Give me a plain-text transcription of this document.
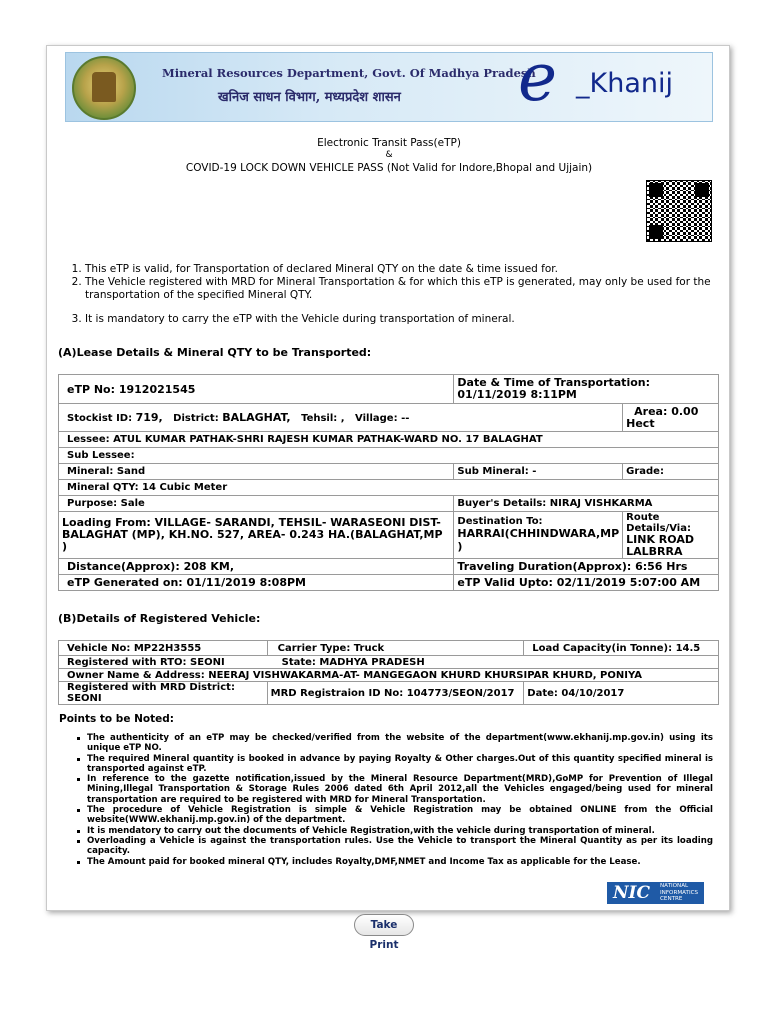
Mineral Resources Department, Govt. Of Madhya Pradesh
खनिज साधन विभाग, मध्यप्रदेश शासन e _Khanij
Electronic Transit Pass(eTP)
&
COVID-19 LOCK DOWN VEHICLE PASS (Not Valid for Indore,Bhopal and Ujjain)
1. This eTP is valid, for Transportation of declared Mineral QTY on the date & time issued for.
2. The Vehicle registered with MRD for Mineral Transportation & for which this eTP is generated, may only be used for the transportation of the specified Mineral QTY.
3. It is mandatory to carry the eTP with the Vehicle during transportation of mineral.
(A)Lease Details & Mineral QTY to be Transported:
eTP No: 1912021545	Date & Time of Transportation:
01/11/2019 8:11PM	
Stockist ID: 719, District: BALAGHAT, Tehsil: , Village: --		Area: 0.00
Hect
Lessee: ATUL KUMAR PATHAK-SHRI RAJESH KUMAR PATHAK-WARD NO. 17 BALAGHAT		
Sub Lessee:		
Mineral: Sand	Sub Mineral: -	Grade:
Mineral QTY: 14 Cubic Meter		
Purpose: Sale	Buyer's Details: NIRAJ VISHKARMA	
Loading From: VILLAGE- SARANDI, TEHSIL- WARASEONI DIST-BALAGHAT (MP), KH.NO. 527, AREA- 0.243 HA.(BALAGHAT,MP )	Destination To:
HARRAI(CHHINDWARA,MP )	Route Details/Via:
LINK ROAD LALBRRA
Distance(Approx): 208 KM,	Traveling Duration(Approx): 6:56 Hrs	
eTP Generated on: 01/11/2019 8:08PM	eTP Valid Upto: 02/11/2019 5:07:00 AM	
(B)Details of Registered Vehicle:
Vehicle No: MP22H3555	Carrier Type: Truck	Load Capacity(in Tonne): 14.5
Registered with RTO: SEONI State: MADHYA PRADESH		
Owner Name & Address: NEERAJ VISHWAKARMA-AT- MANGEGAON KHURD KHURSIPAR KHURD, PONIYA		
Registered with MRD District: SEONI	MRD Registraion ID No: 104773/SEON/2017	Date: 04/10/2017
Points to be Noted:
The authenticity of an eTP may be checked/verified from the website of the department(www.ekhanij.mp.gov.in) using its unique eTP NO.
The required Mineral quantity is booked in advance by paying Royalty & Other charges.Out of this quantity specified mineral is transported against eTP.
In reference to the gazette notification,issued by the Mineral Resource Department(MRD),GoMP for Prevention of Illegal Mining,Illegal Transportation & Storage Rules 2006 dated 6th April 2012,all the Vehicles engaged/being used for mineral transportation are required to be registered with MRD for Mineral Transportation.
The procedure of Vehicle Registration is simple & Vehicle Registration may be obtained ONLINE from the Official website(WWW.ekhanij.mp.gov.in) of the department.
It is mendatory to carry out the documents of Vehicle Registration,with the vehicle during transportation of mineral.
Overloading a Vehicle is against the transportation rules. Use the Vehicle to transport the Mineral Quantity as per its loading capacity.
The Amount paid for booked mineral QTY, includes Royalty,DMF,NMET and Income Tax as applicable for the Lease.
NIC NATIONAL
INFORMATICS
CENTRE
Take Print
